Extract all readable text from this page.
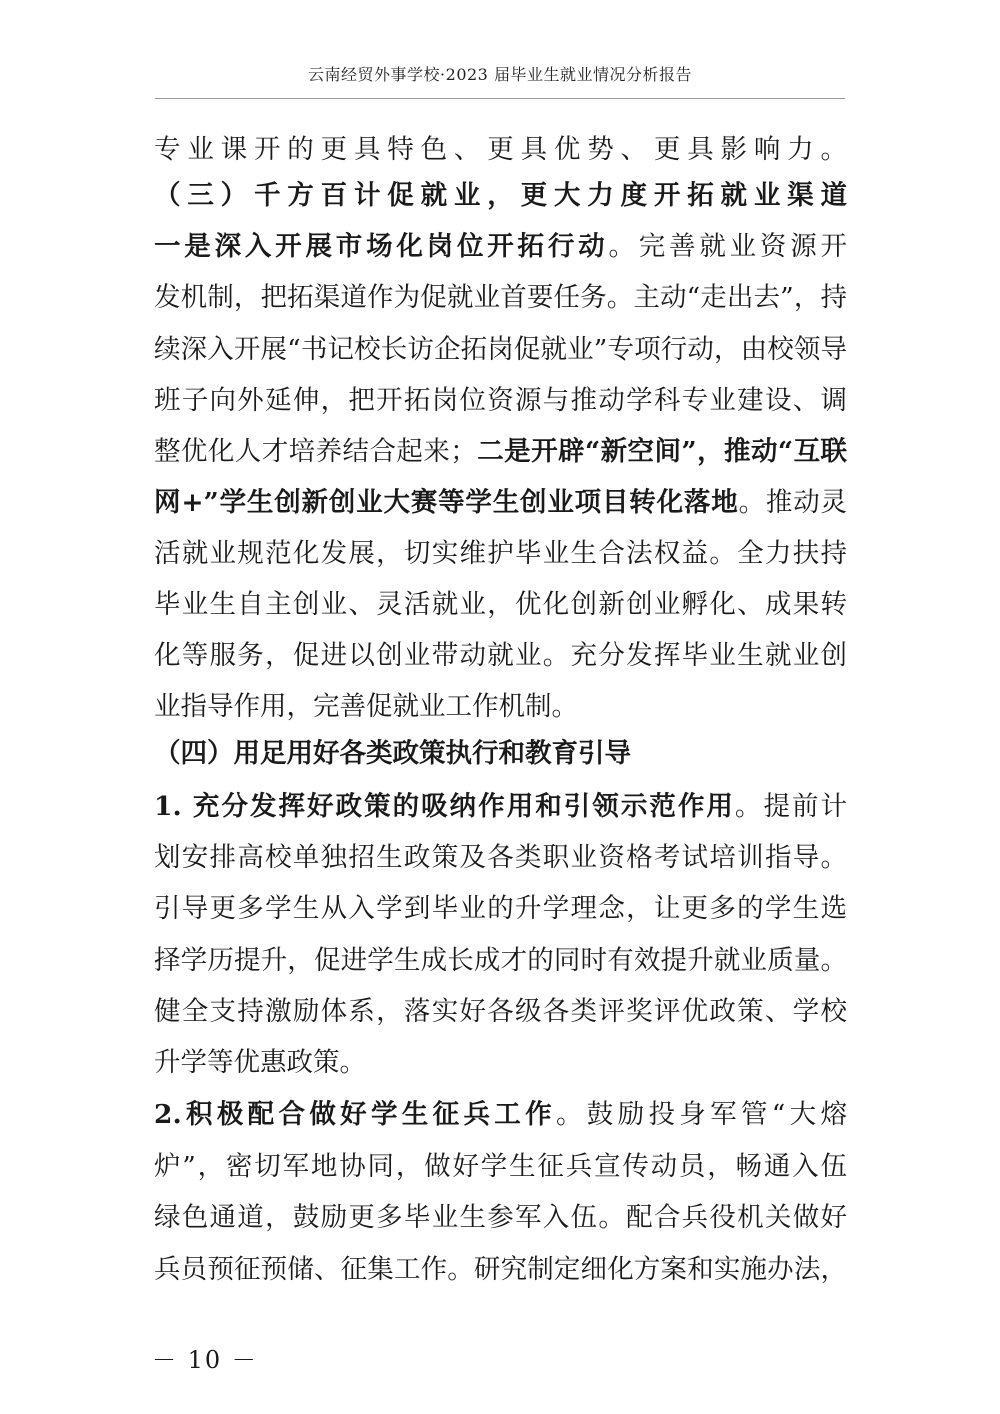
云南经贸外事学校·2023 届毕业生就业情况分析报告
专业课开的更具特色、更具优势、更具影响力。
（三）千方百计促就业，更大力度开拓就业渠道
一是深入开展市场化岗位开拓行动。完善就业资源开
发机制，把拓渠道作为促就业首要任务。主动“走出去”，持
续深入开展“书记校长访企拓岗促就业”专项行动，由校领导
班子向外延伸，把开拓岗位资源与推动学科专业建设、调
整优化人才培养结合起来；二是开辟“新空间”，推动“互联
网+”学生创新创业大赛等学生创业项目转化落地。推动灵
活就业规范化发展，切实维护毕业生合法权益。全力扶持
毕业生自主创业、灵活就业，优化创新创业孵化、成果转
化等服务，促进以创业带动就业。充分发挥毕业生就业创
业指导作用，完善促就业工作机制。
（四）用足用好各类政策执行和教育引导
1. 充分发挥好政策的吸纳作用和引领示范作用。提前计
划安排高校单独招生政策及各类职业资格考试培训指导。
引导更多学生从入学到毕业的升学理念，让更多的学生选
择学历提升，促进学生成长成才的同时有效提升就业质量。
健全支持激励体系，落实好各级各类评奖评优政策、学校
升学等优惠政策。
2.积极配合做好学生征兵工作。鼓励投身军管“大熔
炉”，密切军地协同，做好学生征兵宣传动员，畅通入伍
绿色通道，鼓励更多毕业生参军入伍。配合兵役机关做好
兵员预征预储、征集工作。研究制定细化方案和实施办法，
－ 10 －
